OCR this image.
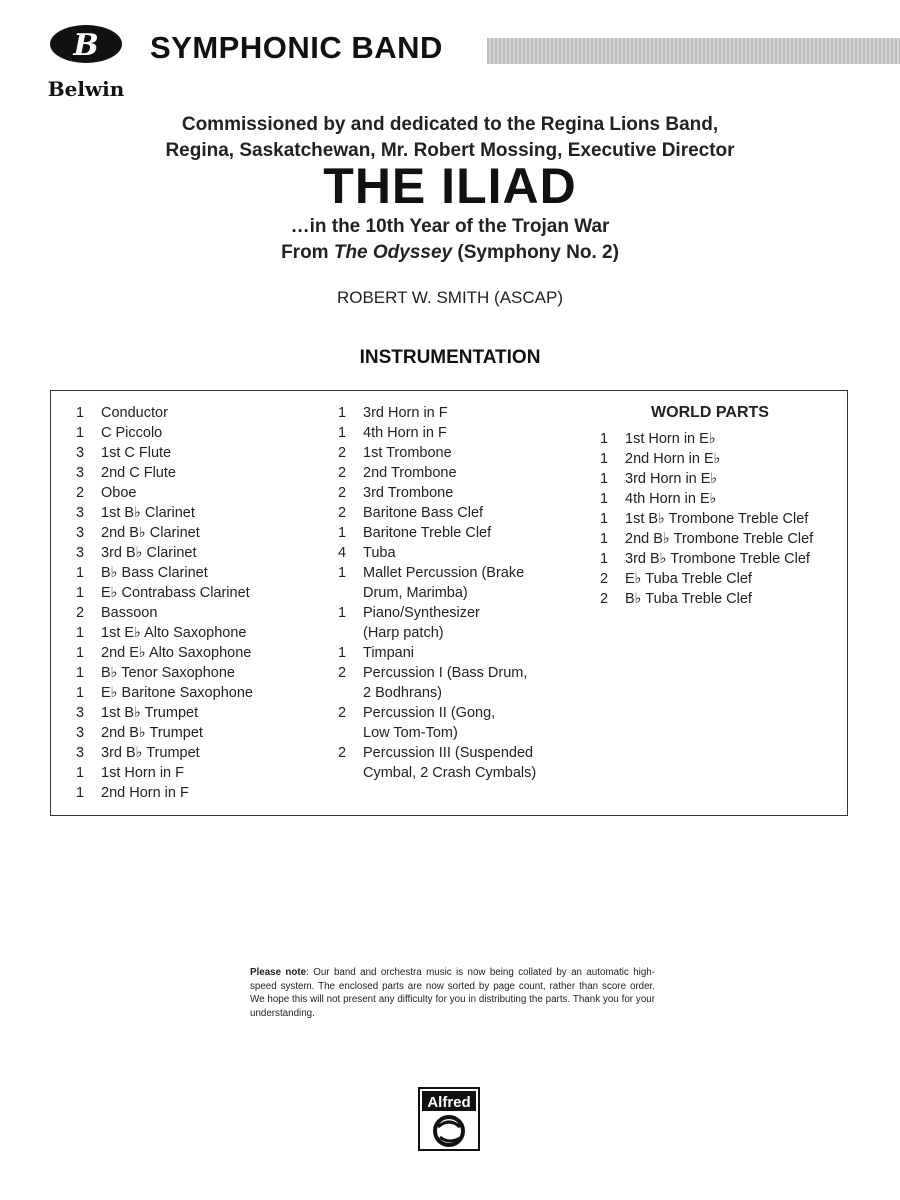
B
Belwin
SYMPHONIC BAND
Commissioned by and dedicated to the Regina Lions Band,
Regina, Saskatchewan, Mr. Robert Mossing, Executive Director
THE ILIAD
…in the 10th Year of the Trojan War
From The Odyssey (Symphony No. 2)
ROBERT W. SMITH (ASCAP)
INSTRUMENTATION
1	Conductor
1	C Piccolo
3	1st C Flute
3	2nd C Flute
2	Oboe
3	1st B♭ Clarinet
3	2nd B♭ Clarinet
3	3rd B♭ Clarinet
1	B♭ Bass Clarinet
1	E♭ Contrabass Clarinet
2	Bassoon
1	1st E♭ Alto Saxophone
1	2nd E♭ Alto Saxophone
1	B♭ Tenor Saxophone
1	E♭ Baritone Saxophone
3	1st B♭ Trumpet
3	2nd B♭ Trumpet
3	3rd B♭ Trumpet
1	1st Horn in F
1	2nd Horn in F
1	3rd Horn in F
1	4th Horn in F
2	1st Trombone
2	2nd Trombone
2	3rd Trombone
2	Baritone Bass Clef
1	Baritone Treble Clef
4	Tuba
1	Mallet Percussion (Brake
Drum, Marimba)
1	Piano/Synthesizer
(Harp patch)
1	Timpani
2	Percussion I (Bass Drum,
2 Bodhrans)
2	Percussion II (Gong,
Low Tom-Tom)
2	Percussion III (Suspended
Cymbal, 2 Crash Cymbals)
WORLD PARTS
1	1st Horn in E♭
1	2nd Horn in E♭
1	3rd Horn in E♭
1	4th Horn in E♭
1	1st B♭ Trombone Treble Clef
1	2nd B♭ Trombone Treble Clef
1	3rd B♭ Trombone Treble Clef
2	E♭ Tuba Treble Clef
2	B♭ Tuba Treble Clef
Please note: Our band and orchestra music is now being collated by an automatic high-speed system. The enclosed parts are now sorted by page count, rather than score order. We hope this will not present any difficulty for you in distributing the parts. Thank you for your understanding.
Alfred
